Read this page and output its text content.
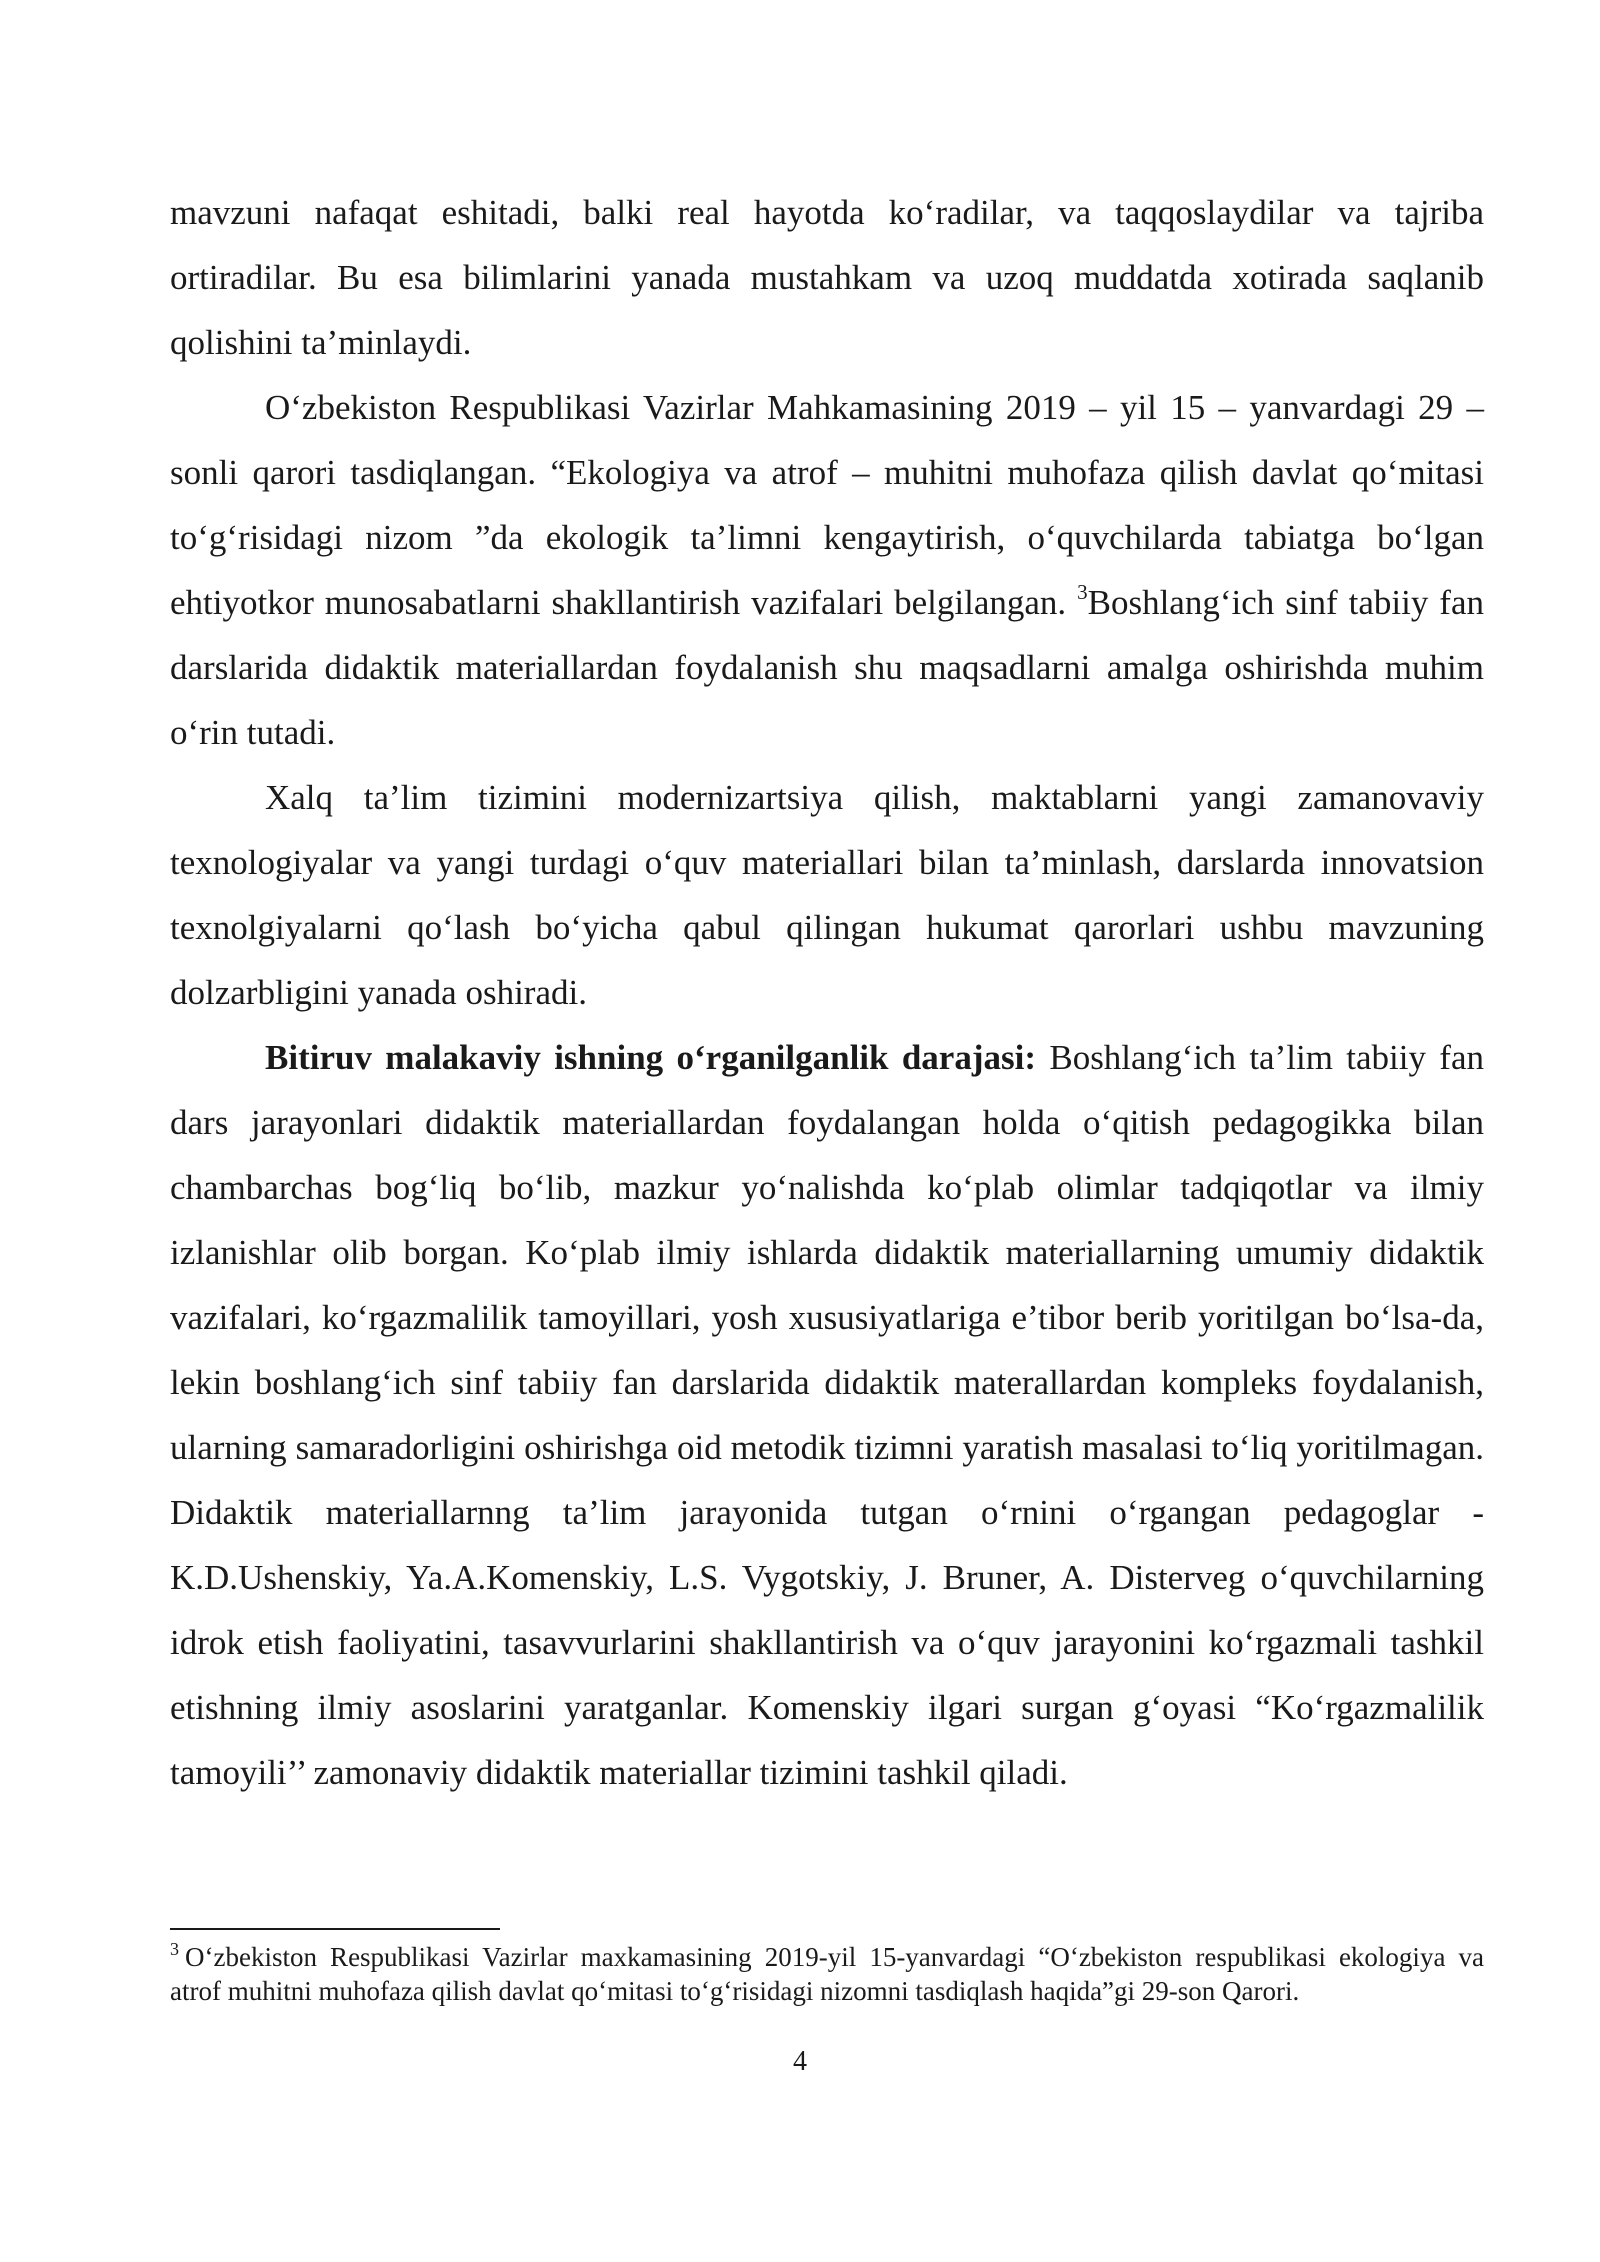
mavzuni nafaqat eshitadi, balki real hayotda ko‘radilar, va taqqoslaydilar va tajriba ortiradilar. Bu esa bilimlarini yanada mustahkam va uzoq muddatda xotirada saqlanib qolishini ta’minlaydi.

O‘zbekiston Respublikasi Vazirlar Mahkamasining 2019 – yil 15 – yanvardagi 29 – sonli qarori tasdiqlangan. “Ekologiya va atrof – muhitni muhofaza qilish davlat qo‘mitasi to‘g‘risidagi nizom ”da ekologik ta’limni kengaytirish, o‘quvchilarda tabiatga bo‘lgan ehtiyotkor munosabatlarni shakllantirish vazifalari belgilangan. $^3$Boshlang‘ich sinf tabiiy fan darslarida didaktik materiallardan foydalanish shu maqsadlarni amalga oshirishda muhim o‘rin tutadi.

Xalq ta’lim tizimini modernizartsiya qilish, maktablarni yangi zamanovaviy texnologiyalar va yangi turdagi o‘quv materiallari bilan ta’minlash, darslarda innovatsion texnolgiyalarni qo‘lash bo‘yicha qabul qilingan hukumat qarorlari ushbu mavzuning dolzarbligini yanada oshiradi.

Bitiruv malakaviy ishning o‘rganilganlik darajasi: Boshlang‘ich ta’lim tabiiy fan dars jarayonlari didaktik materiallardan foydalangan holda o‘qitish pedagogikka bilan chambarchas bog‘liq bo‘lib, mazkur yo‘nalishda ko‘plab olimlar tadqiqotlar va ilmiy izlanishlar olib borgan. Ko‘plab ilmiy ishlarda didaktik materiallarning umumiy didaktik vazifalari, ko‘rgazmalilik tamoyillari, yosh xususiyatlariga e’tibor berib yoritilgan bo‘lsa-da, lekin boshlang‘ich sinf tabiiy fan darslarida didaktik materallardan kompleks foydalanish, ularning samaradorligini oshirishga oid metodik tizimni yaratish masalasi to‘liq yoritilmagan. Didaktik materiallarnng ta’lim jarayonida tutgan o‘rnini o‘rgangan pedagoglar - K.D.Ushenskiy, Ya.A.Komenskiy, L.S. Vygotskiy, J. Bruner, A. Disterveg o‘quvchilarning idrok etish faoliyatini, tasavvurlarini shakllantirish va o‘quv jarayonini ko‘rgazmali tashkil etishning ilmiy asoslarini yaratganlar. Komenskiy ilgari surgan g‘oyasi “Ko‘rgazmalilik tamoyili’’ zamonaviy didaktik materiallar tizimini tashkil qiladi.

$^3$ O‘zbekiston Respublikasi Vazirlar maxkamasining 2019-yil 15-yanvardagi “O‘zbekiston respublikasi ekologiya va atrof muhitni muhofaza qilish davlat qo‘mitasi to‘g‘risidagi nizomni tasdiqlash haqida”gi 29-son Qarori.

4
